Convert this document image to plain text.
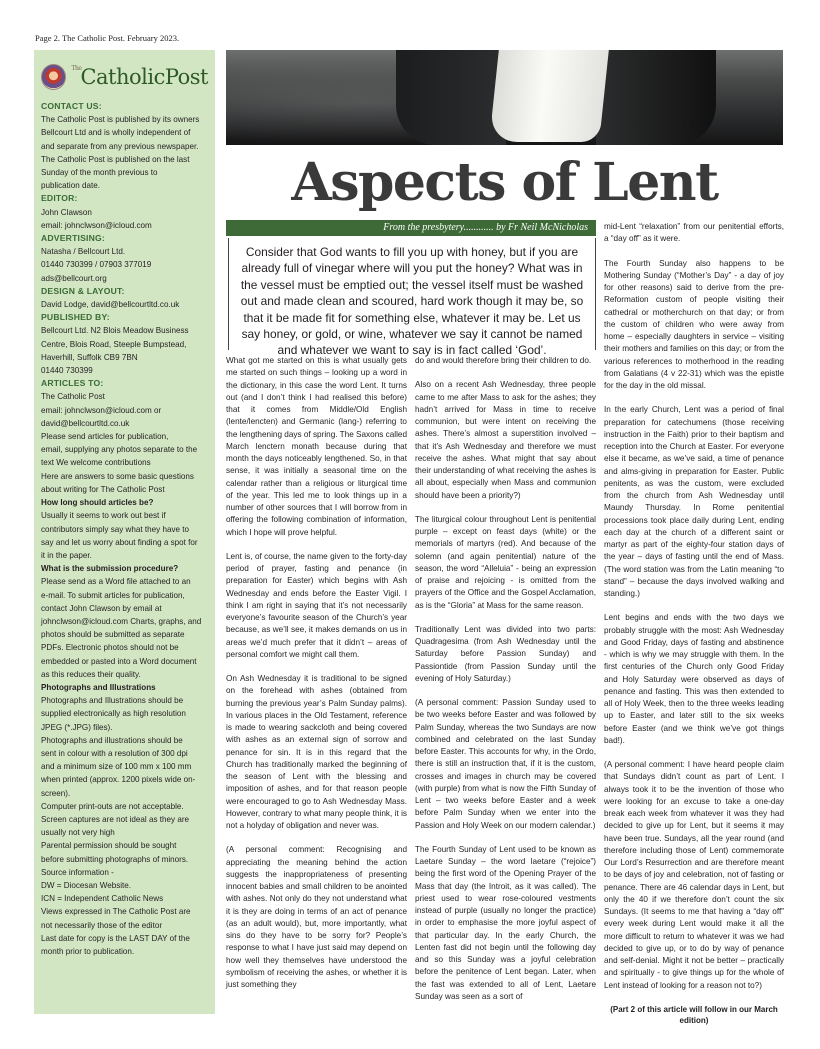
Page 2. The Catholic Post. February 2023.
$^{The}$CatholicPost
CONTACT US:
The Catholic Post is published by its owners
Bellcourt Ltd and is wholly independent of
and separate from any previous newspaper.
The Catholic Post is published on the last
Sunday of the month previous to
publication date.
EDITOR:
John Clawson
email: johnclwson@icloud.com
ADVERTISING:
Natasha / Bellcourt Ltd.
01440 730399 / 07903 377019
ads@bellcourt.org
DESIGN & LAYOUT:
David Lodge, david@bellcourtltd.co.uk
PUBLISHED BY:
Bellcourt Ltd. N2 Blois Meadow Business
Centre, Blois Road, Steeple Bumpstead,
Haverhill, Suffolk CB9 7BN
01440 730399
ARTICLES TO:
The Catholic Post
email: johnclwson@icloud.com or
david@bellcourtltd.co.uk
Please send articles for publication,
email, supplying any photos separate to the
text We welcome contributions
Here are answers to some basic questions
about writing for The Catholic Post
How long should articles be?
Usually it seems to work out best if
contributors simply say what they have to
say and let us worry about finding a spot for
it in the paper.
What is the submission procedure?
Please send as a Word file attached to an
e-mail. To submit articles for publication,
contact John Clawson by email at
johnclwson@icloud.com Charts, graphs, and
photos should be submitted as separate
PDFs. Electronic photos should not be
embedded or pasted into a Word document
as this reduces their quality.
Photographs and Illustrations
Photographs and Illustrations should be
supplied electronically as high resolution
JPEG (*.JPG) files).
Photographs and illustrations should be
sent in colour with a resolution of 300 dpi
and a minimum size of 100 mm x 100 mm
when printed (approx. 1200 pixels wide on-
screen).
Computer print-outs are not acceptable.
Screen captures are not ideal as they are
usually not very high
Parental permission should be sought
before submitting photographs of minors.
Source information -
DW = Diocesan Website.
ICN = Independent Catholic News
Views expressed in The Catholic Post are
not necessarily those of the editor
Last date for copy is the LAST DAY of the
month prior to publication.
Aspects of Lent
From the presbytery............ by Fr Neil McNicholas
Consider that God wants to fill you up with honey, but if you are already full of vinegar where will you put the honey? What was in the vessel must be emptied out; the vessel itself must be washed out and made clean and scoured, hard work though it may be, so that it be made fit for something else, whatever it may be. Let us say honey, or gold, or wine, whatever we say it cannot be named and whatever we want to say is in fact called ‘God’.

What got me started on this is what usually gets me started on such things – looking up a word in the dictionary, in this case the word Lent. It turns out (and I don’t think I had realised this before) that it comes from Middle/Old English (lente/lencten) and Germanic (lang-) referring to the lengthening days of spring. The Saxons called March lenctern monath because during that month the days noticeably lengthened. So, in that sense, it was initially a seasonal time on the calendar rather than a religious or liturgical time of the year. This led me to look things up in a number of other sources that I will borrow from in offering the following combination of information, which I hope will prove helpful.

Lent is, of course, the name given to the forty-day period of prayer, fasting and penance (in preparation for Easter) which begins with Ash Wednesday and ends before the Easter Vigil. I think I am right in saying that it’s not necessarily everyone’s favourite season of the Church’s year because, as we’ll see, it makes demands on us in areas we’d much prefer that it didn’t – areas of personal comfort we might call them.

On Ash Wednesday it is traditional to be signed on the forehead with ashes (obtained from burning the previous year’s Palm Sunday palms). In various places in the Old Testament, reference is made to wearing sackcloth and being covered with ashes as an external sign of sorrow and penance for sin. It is in this regard that the Church has traditionally marked the beginning of the season of Lent with the blessing and imposition of ashes, and for that reason people were encouraged to go to Ash Wednesday Mass. However, contrary to what many people think, it is not a holyday of obligation and never was.

(A personal comment: Recognising and appreciating the meaning behind the action suggests the inappropriateness of presenting innocent babies and small children to be anointed with ashes. Not only do they not understand what it is they are doing in terms of an act of penance (as an adult would), but, more importantly, what sins do they have to be sorry for? People’s response to what I have just said may depend on how well they themselves have understood the symbolism of receiving the ashes, or whether it is just something they

do and would therefore bring their children to do.

Also on a recent Ash Wednesday, three people came to me after Mass to ask for the ashes; they hadn’t arrived for Mass in time to receive communion, but were intent on receiving the ashes. There’s almost a superstition involved – that it’s Ash Wednesday and therefore we must receive the ashes. What might that say about their understanding of what receiving the ashes is all about, especially when Mass and communion should have been a priority?)

The liturgical colour throughout Lent is penitential purple – except on feast days (white) or the memorials of martyrs (red). And because of the solemn (and again penitential) nature of the season, the word “Alleluia” - being an expression of praise and rejoicing - is omitted from the prayers of the Office and the Gospel Acclamation, as is the “Gloria” at Mass for the same reason.

Traditionally Lent was divided into two parts: Quadragesima (from Ash Wednesday until the Saturday before Passion Sunday) and Passiontide (from Passion Sunday until the evening of Holy Saturday.)

(A personal comment: Passion Sunday used to be two weeks before Easter and was followed by Palm Sunday, whereas the two Sundays are now combined and celebrated on the last Sunday before Easter. This accounts for why, in the Ordo, there is still an instruction that, if it is the custom, crosses and images in church may be covered (with purple) from what is now the Fifth Sunday of Lent – two weeks before Easter and a week before Palm Sunday when we enter into the Passion and Holy Week on our modern calendar.)

The Fourth Sunday of Lent used to be known as Laetare Sunday – the word laetare (“rejoice”) being the first word of the Opening Prayer of the Mass that day (the Introit, as it was called). The priest used to wear rose-coloured vestments instead of purple (usually no longer the practice) in order to emphasise the more joyful aspect of that particular day. In the early Church, the Lenten fast did not begin until the following day and so this Sunday was a joyful celebration before the penitence of Lent began. Later, when the fast was extended to all of Lent, Laetare Sunday was seen as a sort of

mid-Lent “relaxation” from our penitential efforts, a “day off” as it were.

The Fourth Sunday also happens to be Mothering Sunday (“Mother’s Day” - a day of joy for other reasons) said to derive from the pre-Reformation custom of people visiting their cathedral or motherchurch on that day; or from the custom of children who were away from home – especially daughters in service – visiting their mothers and families on this day; or from the various references to motherhood in the reading from Galatians (4 v 22-31) which was the epistle for the day in the old missal.

In the early Church, Lent was a period of final preparation for catechumens (those receiving instruction in the Faith) prior to their baptism and reception into the Church at Easter. For everyone else it became, as we’ve said, a time of penance and alms-giving in preparation for Easter. Public penitents, as was the custom, were excluded from the church from Ash Wednesday until Maundy Thursday. In Rome penitential processions took place daily during Lent, ending each day at the church of a different saint or martyr as part of the eighty-four station days of the year – days of fasting until the end of Mass. (The word station was from the Latin meaning “to stand” – because the days involved walking and standing.)

Lent begins and ends with the two days we probably struggle with the most: Ash Wednesday and Good Friday, days of fasting and abstinence - which is why we may struggle with them. In the first centuries of the Church only Good Friday and Holy Saturday were observed as days of penance and fasting. This was then extended to all of Holy Week, then to the three weeks leading up to Easter, and later still to the six weeks before Easter (and we think we’ve got things bad!).

(A personal comment: I have heard people claim that Sundays didn’t count as part of Lent. I always took it to be the invention of those who were looking for an excuse to take a one-day break each week from whatever it was they had decided to give up for Lent, but it seems it may have been true. Sundays, all the year round (and therefore including those of Lent) commemorate Our Lord’s Resurrection and are therefore meant to be days of joy and celebration, not of fasting or penance. There are 46 calendar days in Lent, but only the 40 if we therefore don’t count the six Sundays. (It seems to me that having a “day off” every week during Lent would make it all the more difficult to return to whatever it was we had decided to give up, or to do by way of penance and self-denial. Might it not be better – practically and spiritually - to give things up for the whole of Lent instead of looking for a reason not to?)

(Part 2 of this article will follow in our March edition)
